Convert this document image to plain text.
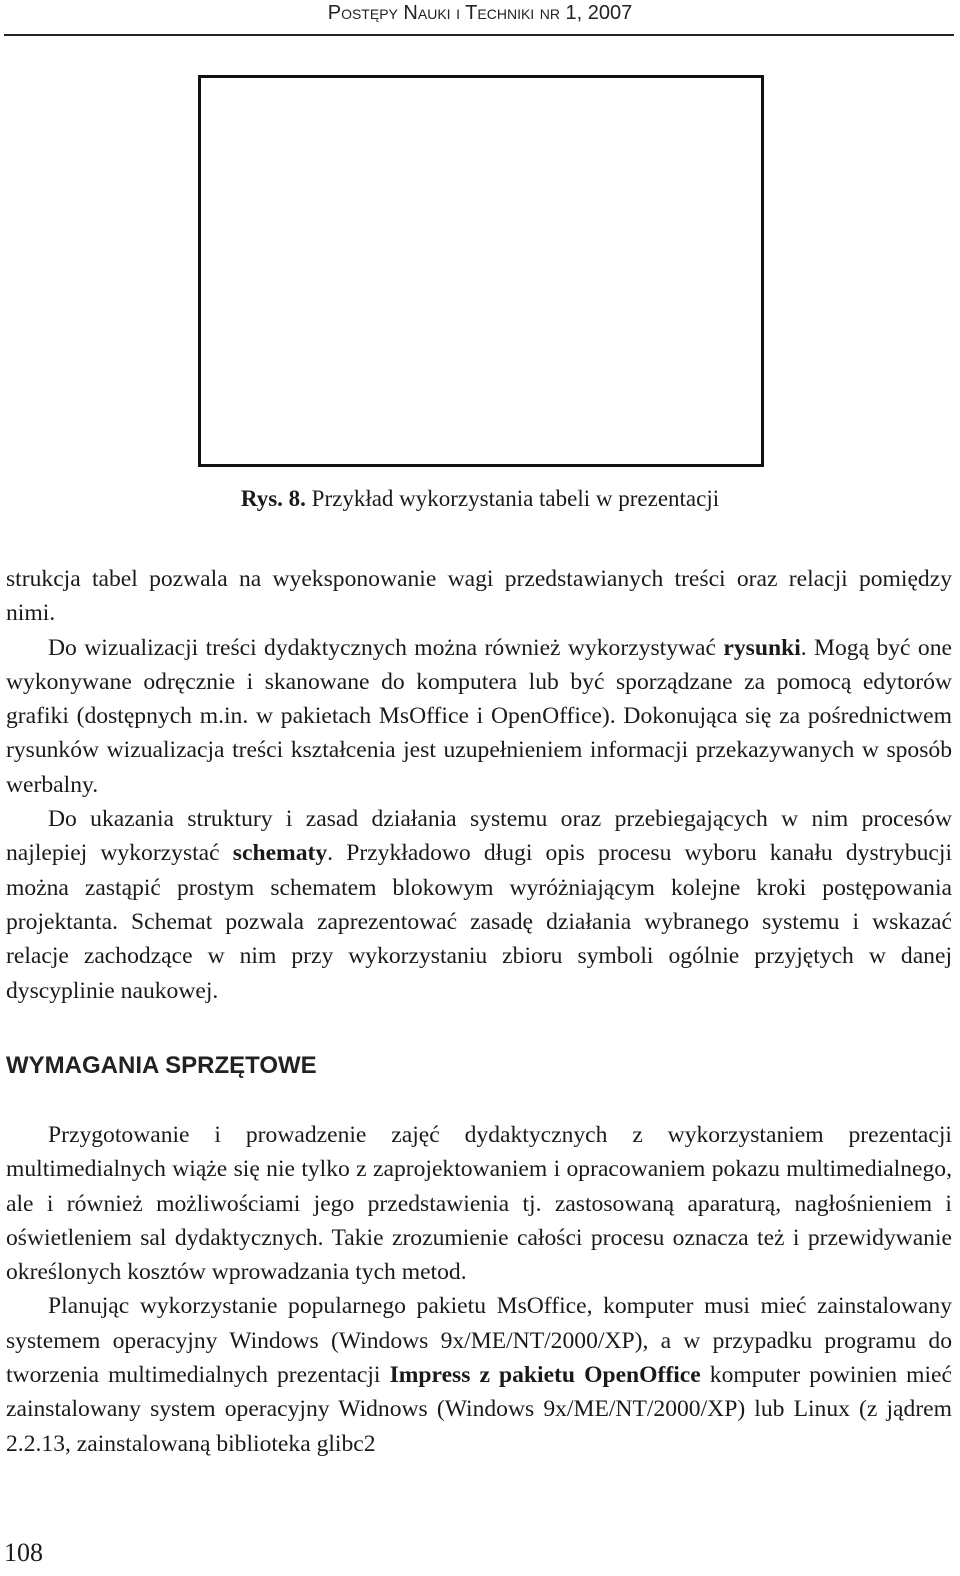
Postępy Nauki i Techniki nr 1, 2007
Rys. 8. Przykład wykorzystania tabeli w prezentacji

strukcja tabel pozwala na wyeksponowanie wagi przedstawianych treści oraz relacji pomiędzy nimi.

Do wizualizacji treści dydaktycznych można również wykorzystywać rysunki. Mogą być one wykonywane odręcznie i skanowane do komputera lub być sporządzane za pomocą edytorów grafiki (dostępnych m.in. w pakietach MsOffice i OpenOffice). Dokonująca się za pośrednictwem rysunków wizualizacja treści kształcenia jest uzupełnieniem informacji przekazywanych w sposób werbalny.

Do ukazania struktury i zasad działania systemu oraz przebiegających w nim procesów najlepiej wykorzystać schematy. Przykładowo długi opis procesu wyboru kanału dystrybucji można zastąpić prostym schematem blokowym wyróżniającym kolejne kroki postępowania projektanta. Schemat pozwala zaprezentować zasadę działania wybranego systemu i wskazać relacje zachodzące w nim przy wykorzystaniu zbioru symboli ogólnie przyjętych w danej dyscyplinie naukowej.

WYMAGANIA SPRZĘTOWE

Przygotowanie i prowadzenie zajęć dydaktycznych z wykorzystaniem prezentacji multimedialnych wiąże się nie tylko z zaprojektowaniem i opracowaniem pokazu multimedialnego, ale i również możliwościami jego przedstawienia tj. zastosowaną aparaturą, nagłośnieniem i oświetleniem sal dydaktycznych. Takie zrozumienie całości procesu oznacza też i przewidywanie określonych kosztów wprowadzania tych metod.

Planując wykorzystanie popularnego pakietu MsOffice, komputer musi mieć zainstalowany systemem operacyjny Windows (Windows 9x/ME/NT/2000/XP), a w przypadku programu do tworzenia multimedialnych prezentacji Impress z pakietu OpenOffice komputer powinien mieć zainstalowany system operacyjny Widnows (Windows 9x/ME/NT/2000/XP) lub Linux (z jądrem 2.2.13, zainstalowaną biblioteka glibc2

108
